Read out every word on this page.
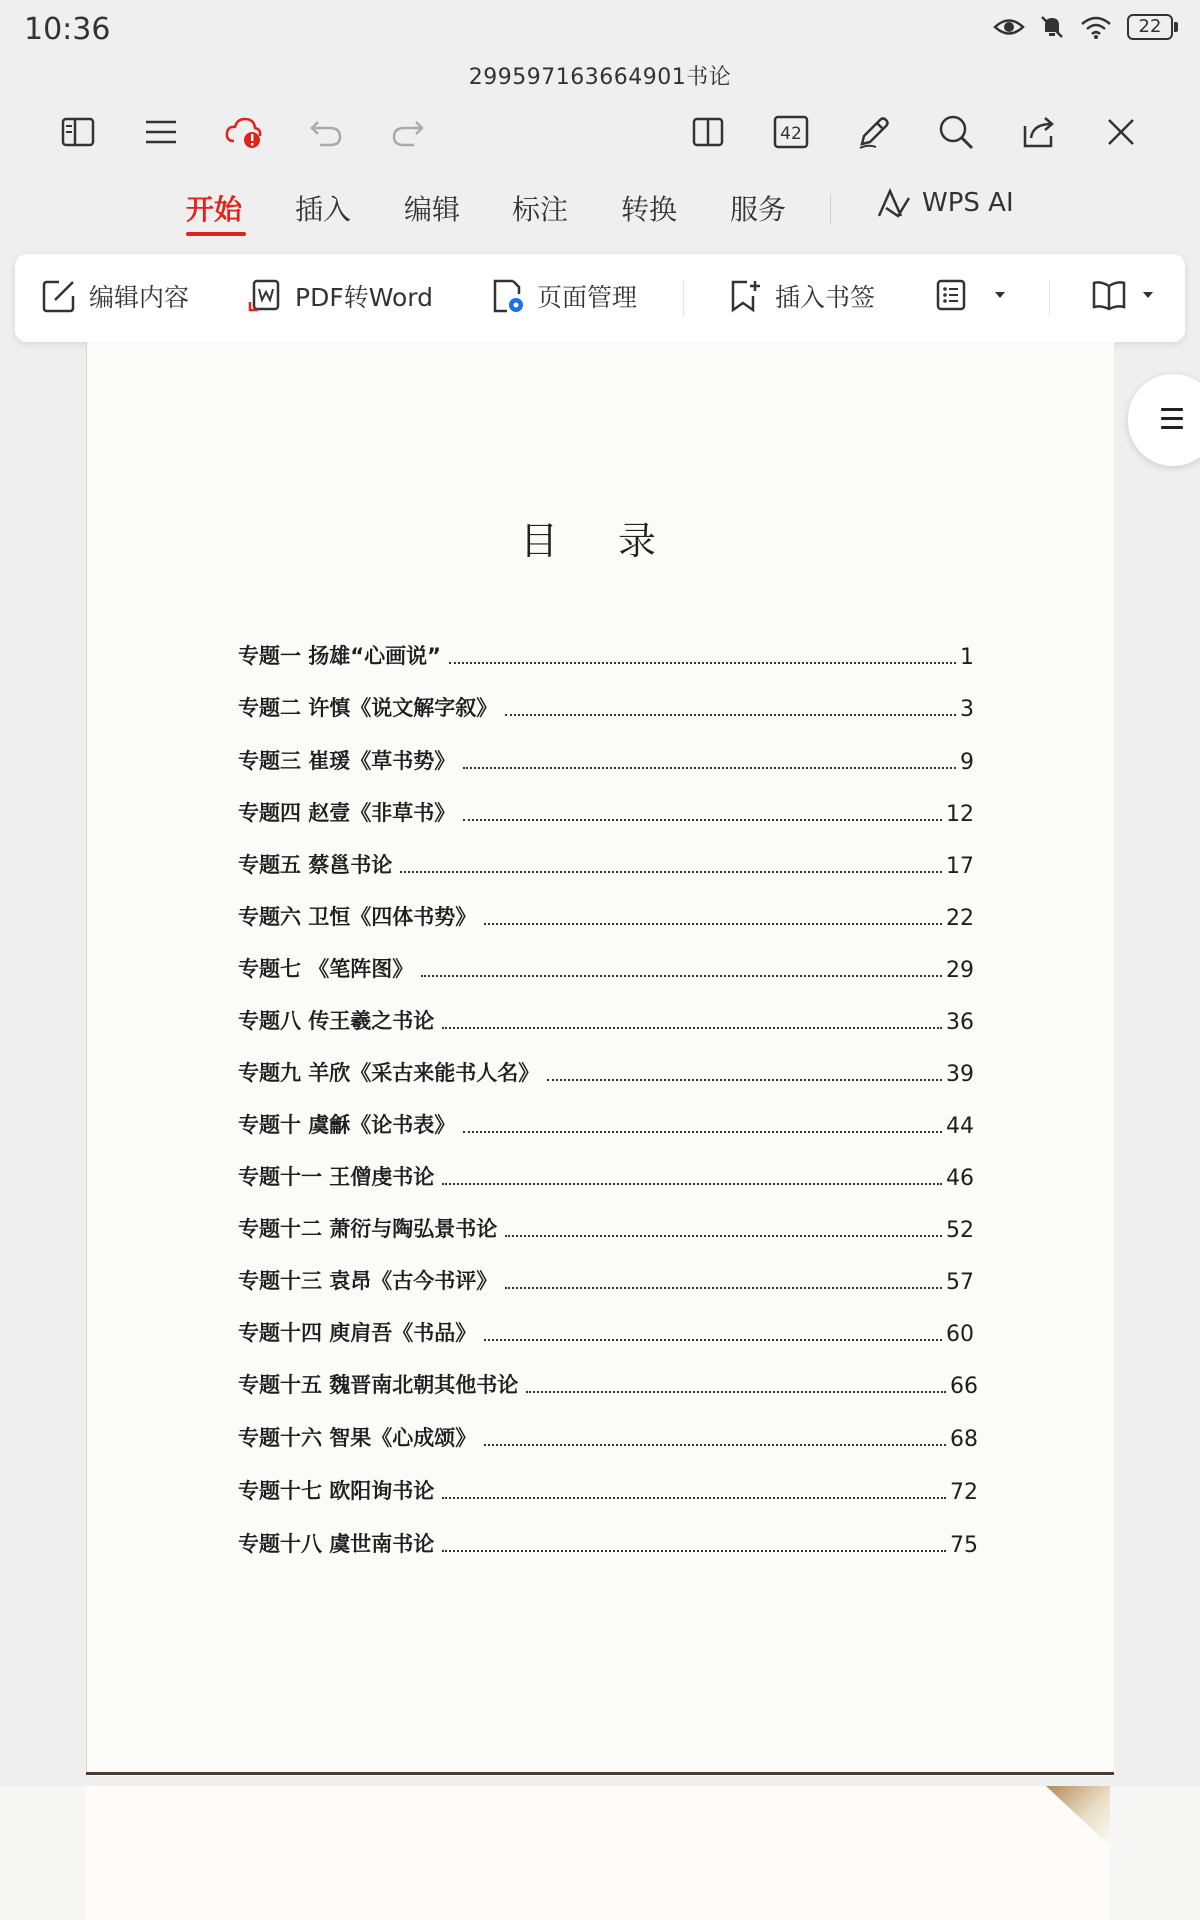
10:36	22
299597163664901书论
42
开始 插入 编辑 标注 转换 服务	WPS AI
编辑内容	PDF转Word	页面管理	插入书签
目 录
专题一 扬雄“心画说”	1
专题二 许慎《说文解字叙》	3
专题三 崔瑗《草书势》	9
专题四 赵壹《非草书》	12
专题五 蔡邕书论	17
专题六 卫恒《四体书势》	22
专题七 《笔阵图》	29
专题八 传王羲之书论	36
专题九 羊欣《采古来能书人名》	39
专题十 虞龢《论书表》	44
专题十一 王僧虔书论	46
专题十二 萧衍与陶弘景书论	52
专题十三 袁昂《古今书评》	57
专题十四 庾肩吾《书品》	60
专题十五 魏晋南北朝其他书论	66
专题十六 智果《心成颂》	68
专题十七 欧阳询书论	72
专题十八 虞世南书论	75
